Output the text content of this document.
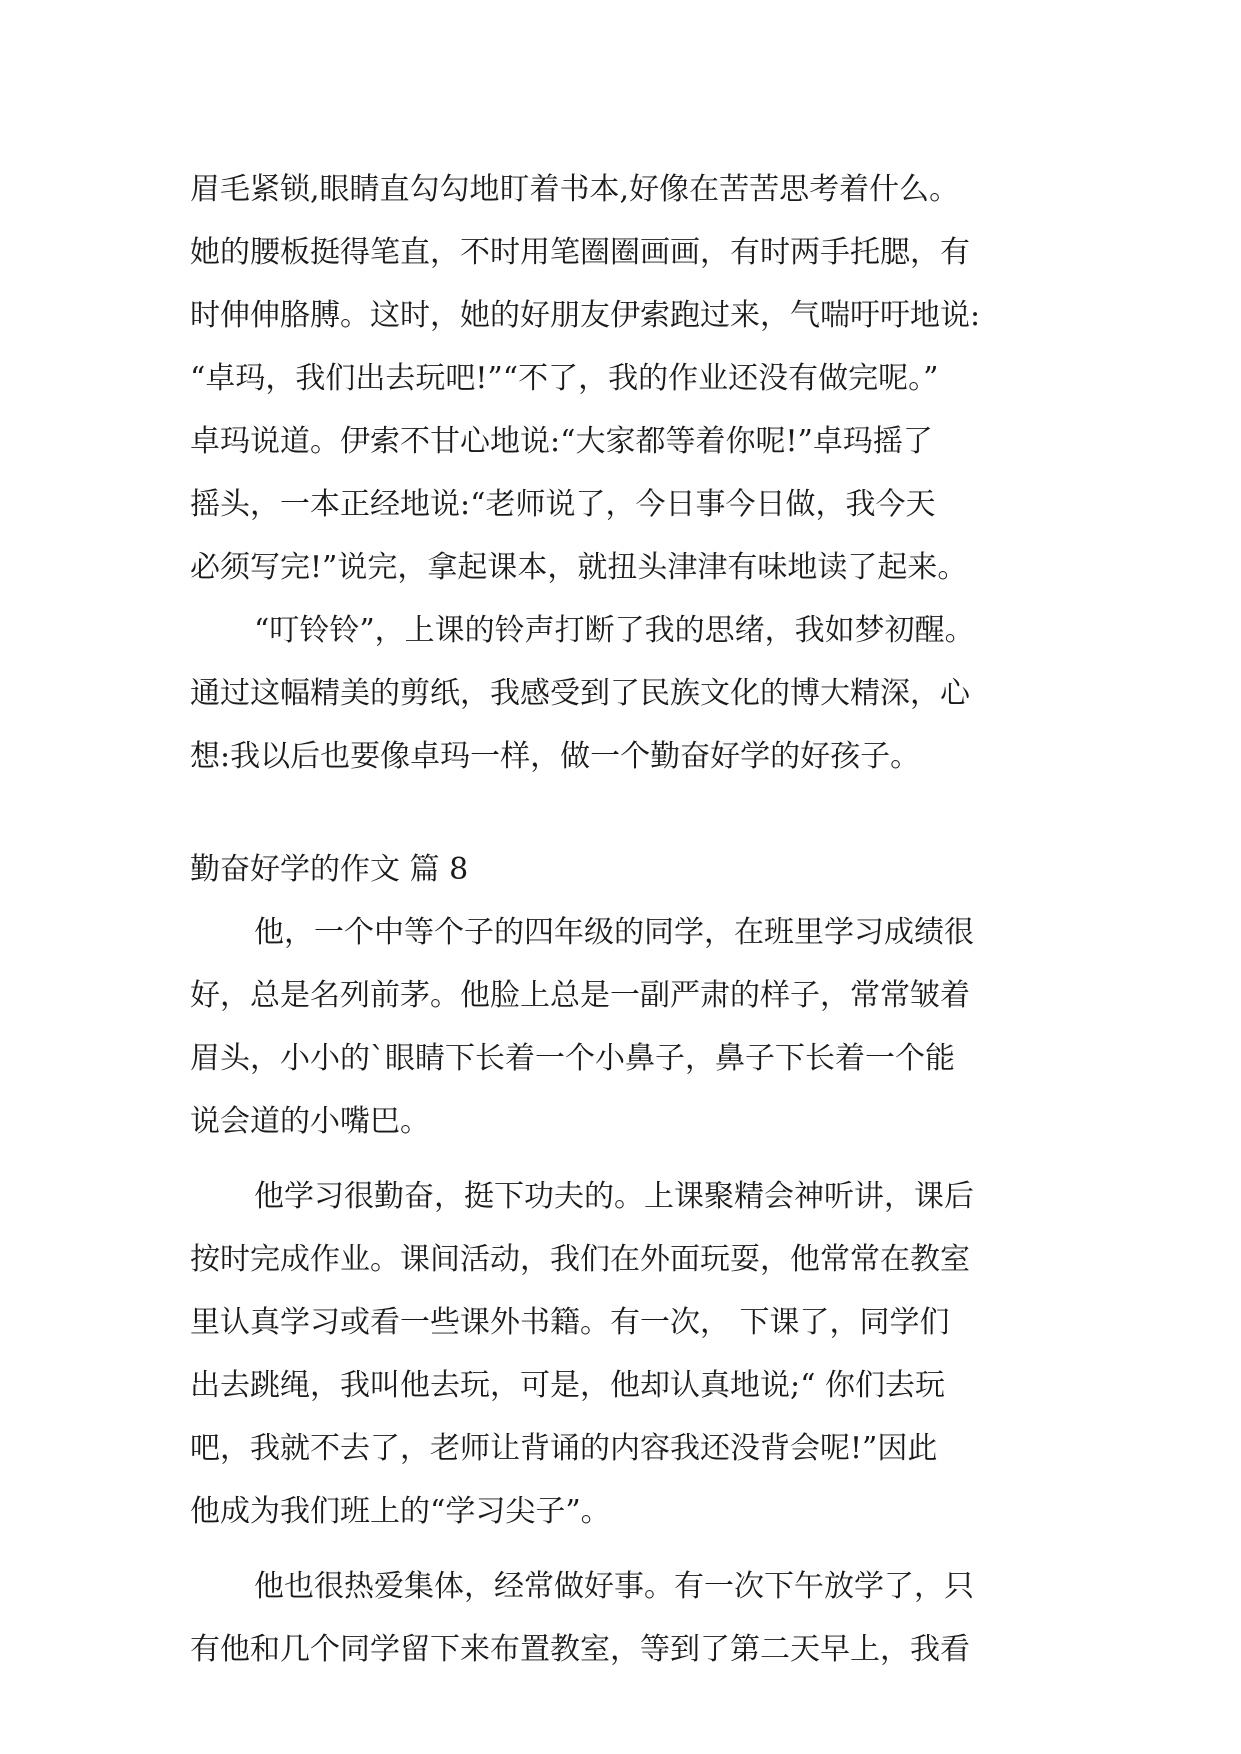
眉毛紧锁,眼睛直勾勾地盯着书本,好像在苦苦思考着什么。
她的腰板挺得笔直，不时用笔圈圈画画，有时两手托腮，有
时伸伸胳膊。这时，她的好朋友伊索跑过来，气喘吁吁地说:
“卓玛，我们出去玩吧!”“不了，我的作业还没有做完呢。”
卓玛说道。伊索不甘心地说:“大家都等着你呢!”卓玛摇了
摇头，一本正经地说:“老师说了，今日事今日做，我今天
必须写完!”说完，拿起课本，就扭头津津有味地读了起来。
“叮铃铃”，上课的铃声打断了我的思绪，我如梦初醒。
通过这幅精美的剪纸，我感受到了民族文化的博大精深，心
想:我以后也要像卓玛一样，做一个勤奋好学的好孩子。
勤奋好学的作文 篇 8
他，一个中等个子的四年级的同学，在班里学习成绩很
好，总是名列前茅。他脸上总是一副严肃的样子，常常皱着
眉头，小小的`眼睛下长着一个小鼻子，鼻子下长着一个能
说会道的小嘴巴。
他学习很勤奋，挺下功夫的。上课聚精会神听讲，课后
按时完成作业。课间活动，我们在外面玩耍，他常常在教室
里认真学习或看一些课外书籍。有一次， 下课了，同学们
出去跳绳，我叫他去玩，可是，他却认真地说;“ 你们去玩
吧，我就不去了，老师让背诵的内容我还没背会呢!”因此
他成为我们班上的“学习尖子”。
他也很热爱集体，经常做好事。有一次下午放学了，只
有他和几个同学留下来布置教室，等到了第二天早上，我看
